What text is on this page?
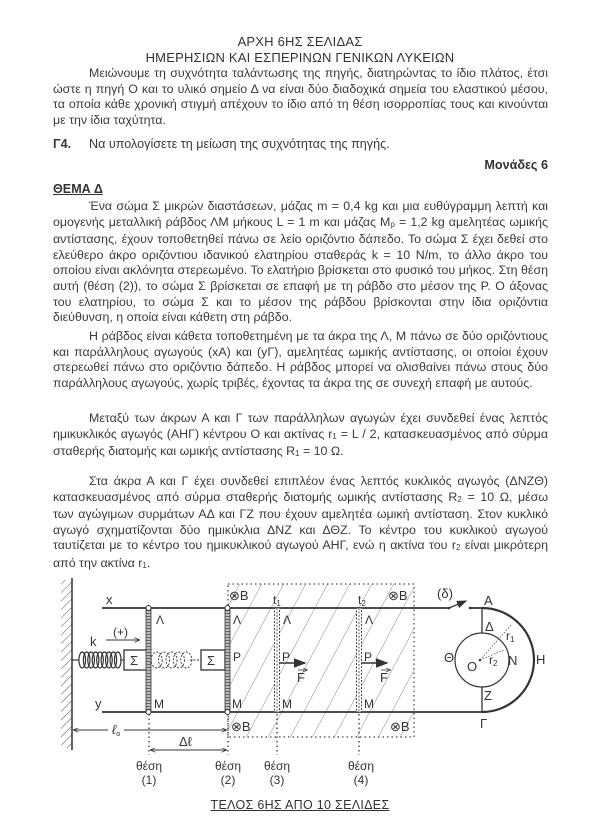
ΑΡΧΗ 6ΗΣ ΣΕΛΙΔΑΣ
ΗΜΕΡΗΣΙΩΝ ΚΑΙ ΕΣΠΕΡΙΝΩΝ ΓΕΝΙΚΩΝ ΛΥΚΕΙΩΝ
Μειώνουμε τη συχνότητα ταλάντωσης της πηγής, διατηρώντας το ίδιο πλάτος, έτσι ώστε η πηγή Ο και το υλικό σημείο Δ να είναι δύο διαδοχικά σημεία του ελαστικού μέσου, τα οποία κάθε χρονική στιγμή απέχουν το ίδιο από τη θέση ισορροπίας τους και κινούνται με την ίδια ταχύτητα.
Γ4. Να υπολογίσετε τη μείωση της συχνότητας της πηγής.
Μονάδες 6
ΘΕΜΑ Δ
Ένα σώμα Σ μικρών διαστάσεων, μάζας m = 0,4 kg και μια ευθύγραμμη λεπτή και ομογενής μεταλλική ράβδος ΛΜ μήκους L = 1 m και μάζας $M_\rho = 1,2$ kg αμελητέας ωμικής αντίστασης, έχουν τοποθετηθεί πάνω σε λείο οριζόντιο δάπεδο. Το σώμα Σ έχει δεθεί στο ελεύθερο άκρο οριζόντιου ιδανικού ελατηρίου σταθεράς k = 10 N/m, το άλλο άκρο του οποίου είναι ακλόνητα στερεωμένο. Το ελατήριο βρίσκεται στο φυσικό του μήκος. Στη θέση αυτή (θέση (2)), το σώμα Σ βρίσκεται σε επαφή με τη ράβδο στο μέσον της Ρ. Ο άξονας του ελατηρίου, το σώμα Σ και το μέσον της ράβδου βρίσκονται στην ίδια οριζόντια διεύθυνση, η οποία είναι κάθετη στη ράβδο.
Η ράβδος είναι κάθετα τοποθετημένη με τα άκρα της Λ, Μ πάνω σε δύο οριζόντιους και παράλληλους αγωγούς (xA) και (yΓ), αμελητέας ωμικής αντίστασης, οι οποίοι έχουν στερεωθεί πάνω στο οριζόντιο δάπεδο. Η ράβδος μπορεί να ολισθαίνει πάνω στους δύο παράλληλους αγωγούς, χωρίς τριβές, έχοντας τα άκρα της σε συνεχή επαφή με αυτούς.
Μεταξύ των άκρων Α και Γ των παράλληλων αγωγών έχει συνδεθεί ένας λεπτός ημικυκλικός αγωγός (ΑΗΓ) κέντρου Ο και ακτίνας $r_1 = L / 2$, κατασκευασμένος από σύρμα σταθερής διατομής και ωμικής αντίστασης $R_1 = 10$ Ω.
Στα άκρα Α και Γ έχει συνδεθεί επιπλέον ένας λεπτός κυκλικός αγωγός (ΔΝΖΘ) κατασκευασμένος από σύρμα σταθερής διατομής ωμικής αντίστασης $R_2 = 10$ Ω, μέσω των αγώγιμων συρμάτων ΑΔ και ΓΖ που έχουν αμελητέα ωμική αντίσταση. Στον κυκλικό αγωγό σχηματίζονται δύο ημικύκλια ΔΝΖ και ΔΘΖ. Το κέντρο του κυκλικού αγωγού ταυτίζεται με το κέντρο του ημικυκλικού αγωγού ΑΗΓ, ενώ η ακτίνα του $r_2$ είναι μικρότερη από την ακτίνα $r_1$.
x
y
(δ)
Σ
k
(+)
Σ
Λ
Μ
Λ
Ρ
Μ
t1
Λ
Ρ
Μ
F
t2
Λ
Ρ
Μ
F
⊗B	⊗B
⊗B	⊗B
Α
Γ
Η
Δ
Ζ
Ν
Θ
Ο
r1
r2
ℓo	Δℓ
θέση
(1)
θέση
(2)
θέση
(3)
θέση
(4)
ΤΕΛΟΣ 6ΗΣ ΑΠΟ 10 ΣΕΛΙΔΕΣ
